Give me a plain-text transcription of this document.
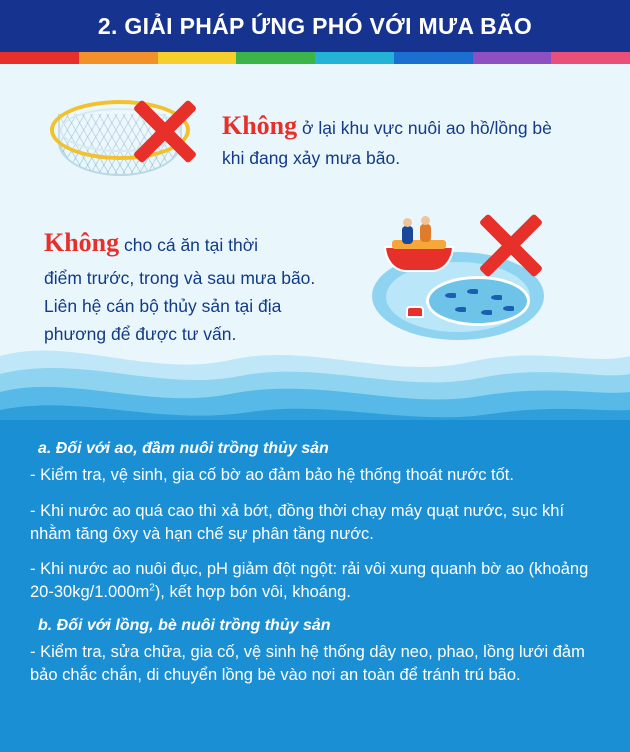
2. GIẢI PHÁP ỨNG PHÓ VỚI MƯA BÃO
Không ở lại khu vực nuôi ao hồ/lồng bè
khi đang xảy mưa bão.
Không cho cá ăn tại thời
điểm trước, trong và sau mưa bão.
Liên hệ cán bộ thủy sản tại địa
phương để được tư vấn.
a. Đối với ao, đầm nuôi trồng thủy sản

- Kiểm tra, vệ sinh, gia cố bờ ao đảm bảo hệ thống thoát nước tốt.

- Khi nước ao quá cao thì xả bớt, đồng thời chạy máy quạt nước, sục khí nhằm tăng ôxy và hạn chế sự phân tầng nước.

- Khi nước ao nuôi đục, pH giảm đột ngột: rải vôi xung quanh bờ ao (khoảng $20-30kg/1.000m^2$), kết hợp bón vôi, khoáng.

b. Đối với lồng, bè nuôi trồng thủy sản

- Kiểm tra, sửa chữa, gia cố, vệ sinh hệ thống dây neo, phao, lồng lưới đảm bảo chắc chắn, di chuyển lồng bè vào nơi an toàn để tránh trú bão.
